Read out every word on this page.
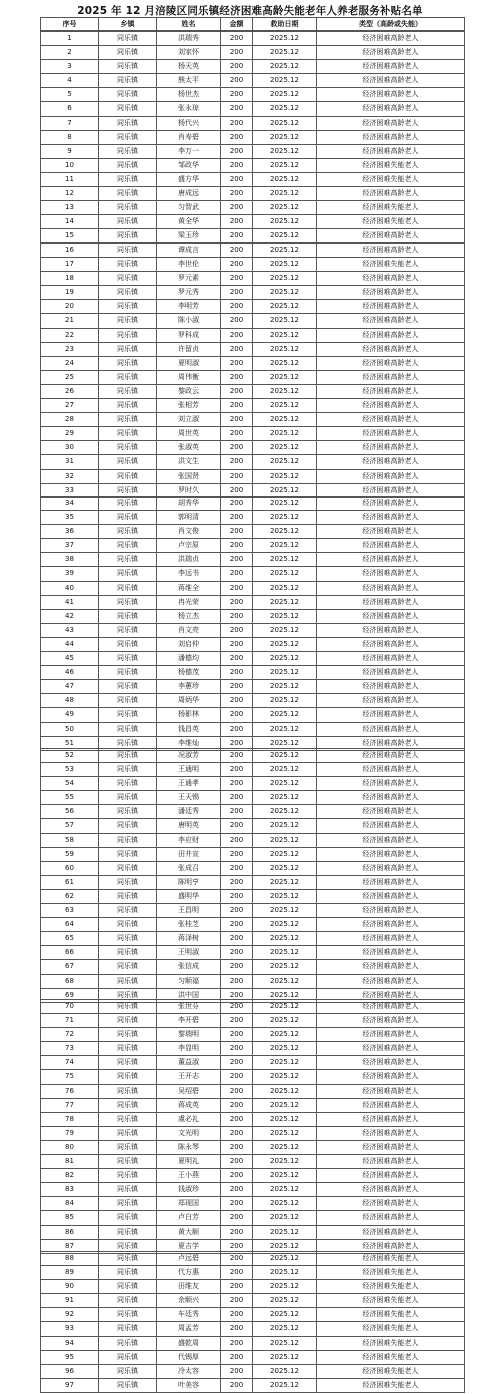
2025 年 12 月涪陵区同乐镇经济困难高龄失能老年人养老服务补贴名单
序号	乡镇	姓名	金额	救助日期	类型（高龄或失能）
1	同乐镇	洪瑞秀	200	2025.12	经济困难高龄老人
2	同乐镇	刘家怀	200	2025.12	经济困难高龄老人
3	同乐镇	杨天英	200	2025.12	经济困难高龄老人
4	同乐镇	熊太平	200	2025.12	经济困难高龄老人
5	同乐镇	杨世杰	200	2025.12	经济困难高龄老人
6	同乐镇	张永琼	200	2025.12	经济困难高龄老人
7	同乐镇	杨代兴	200	2025.12	经济困难高龄老人
8	同乐镇	肖寿碧	200	2025.12	经济困难高龄老人
9	同乐镇	李万一	200	2025.12	经济困难高龄老人
10	同乐镇	邹政华	200	2025.12	经济困难失能老人
11	同乐镇	盛方华	200	2025.12	经济困难失能老人
12	同乐镇	唐成远	200	2025.12	经济困难高龄老人
13	同乐镇	匀智武	200	2025.12	经济困难失能老人
14	同乐镇	黄全华	200	2025.12	经济困难失能老人
15	同乐镇	梁玉珍	200	2025.12	经济困难高龄老人
16	同乐镇	谭成言	200	2025.12	经济困难高龄老人
17	同乐镇	李世伦	200	2025.12	经济困难失能老人
18	同乐镇	罗元素	200	2025.12	经济困难高龄老人
19	同乐镇	罗元秀	200	2025.12	经济困难高龄老人
20	同乐镇	李明芳	200	2025.12	经济困难高龄老人
21	同乐镇	陈小淑	200	2025.12	经济困难高龄老人
22	同乐镇	罗科成	200	2025.12	经济困难高龄老人
23	同乐镇	许留贞	200	2025.12	经济困难高龄老人
24	同乐镇	夏明淑	200	2025.12	经济困难高龄老人
25	同乐镇	周伟衡	200	2025.12	经济困难高龄老人
26	同乐镇	黎政云	200	2025.12	经济困难高龄老人
27	同乐镇	张相芳	200	2025.12	经济困难高龄老人
28	同乐镇	刘立淑	200	2025.12	经济困难高龄老人
29	同乐镇	周世英	200	2025.12	经济困难高龄老人
30	同乐镇	张淑英	200	2025.12	经济困难高龄老人
31	同乐镇	洪文生	200	2025.12	经济困难高龄老人
32	同乐镇	张国贤	200	2025.12	经济困难高龄老人
33	同乐镇	罗时久	200	2025.12	经济困难高龄老人
34	同乐镇	胡秀华	200	2025.12	经济困难高龄老人
35	同乐镇	郭明清	200	2025.12	经济困难高龄老人
36	同乐镇	肖文俊	200	2025.12	经济困难高龄老人
37	同乐镇	卢宗原	200	2025.12	经济困难高龄老人
38	同乐镇	洪瑞贞	200	2025.12	经济困难高龄老人
39	同乐镇	李远书	200	2025.12	经济困难高龄老人
40	同乐镇	蒋维全	200	2025.12	经济困难高龄老人
41	同乐镇	冉光荣	200	2025.12	经济困难高龄老人
42	同乐镇	杨立杰	200	2025.12	经济困难高龄老人
43	同乐镇	肖文亮	200	2025.12	经济困难高龄老人
44	同乐镇	刘启仲	200	2025.12	经济困难高龄老人
45	同乐镇	潘德均	200	2025.12	经济困难高龄老人
46	同乐镇	杨德茂	200	2025.12	经济困难高龄老人
47	同乐镇	李蕙珍	200	2025.12	经济困难高龄老人
48	同乐镇	周炳华	200	2025.12	经济困难高龄老人
49	同乐镇	杨影林	200	2025.12	经济困难高龄老人
50	同乐镇	钱昌英	200	2025.12	经济困难高龄老人
51	同乐镇	李维灿	200	2025.12	经济困难高龄老人
52	同乐镇	况淑芳	200	2025.12	经济困难高龄老人
53	同乐镇	王通明	200	2025.12	经济困难高龄老人
54	同乐镇	王通孝	200	2025.12	经济困难高龄老人
55	同乐镇	王天锡	200	2025.12	经济困难高龄老人
56	同乐镇	潘廷秀	200	2025.12	经济困难高龄老人
57	同乐镇	唐明英	200	2025.12	经济困难高龄老人
58	同乐镇	李应财	200	2025.12	经济困难高龄老人
59	同乐镇	田井宣	200	2025.12	经济困难高龄老人
60	同乐镇	张成召	200	2025.12	经济困难高龄老人
61	同乐镇	陈明亨	200	2025.12	经济困难高龄老人
62	同乐镇	盛明华	200	2025.12	经济困难高龄老人
63	同乐镇	王昌明	200	2025.12	经济困难高龄老人
64	同乐镇	张桂芝	200	2025.12	经济困难高龄老人
65	同乐镇	蒋泽树	200	2025.12	经济困难高龄老人
66	同乐镇	王明淑	200	2025.12	经济困难高龄老人
67	同乐镇	张信成	200	2025.12	经济困难高龄老人
68	同乐镇	匀顺福	200	2025.12	经济困难高龄老人
69	同乐镇	洪中国	200	2025.12	经济困难高龄老人
70	同乐镇	张世芬	200	2025.12	经济困难高龄老人
71	同乐镇	李开碧	200	2025.12	经济困难高龄老人
72	同乐镇	黎瑞明	200	2025.12	经济困难高龄老人
73	同乐镇	李显明	200	2025.12	经济困难高龄老人
74	同乐镇	董益淑	200	2025.12	经济困难高龄老人
75	同乐镇	王开志	200	2025.12	经济困难高龄老人
76	同乐镇	吴绍碧	200	2025.12	经济困难高龄老人
77	同乐镇	蒋成英	200	2025.12	经济困难高龄老人
78	同乐镇	虞必礼	200	2025.12	经济困难高龄老人
79	同乐镇	文光明	200	2025.12	经济困难高龄老人
80	同乐镇	陈永琴	200	2025.12	经济困难高龄老人
81	同乐镇	夏明礼	200	2025.12	经济困难高龄老人
82	同乐镇	王小燕	200	2025.12	经济困难高龄老人
83	同乐镇	钱淑珍	200	2025.12	经济困难高龄老人
84	同乐镇	郑现国	200	2025.12	经济困难高龄老人
85	同乐镇	卢白芳	200	2025.12	经济困难高龄老人
86	同乐镇	黄大顺	200	2025.12	经济困难高龄老人
87	同乐镇	夏吉学	200	2025.12	经济困难高龄老人
88	同乐镇	卢远碧	200	2025.12	经济困难失能老人
89	同乐镇	代方惠	200	2025.12	经济困难失能老人
90	同乐镇	田维友	200	2025.12	经济困难失能老人
91	同乐镇	余顺兴	200	2025.12	经济困难失能老人
92	同乐镇	车廷秀	200	2025.12	经济困难失能老人
93	同乐镇	周孟芳	200	2025.12	经济困难失能老人
94	同乐镇	盛乾周	200	2025.12	经济困难失能老人
95	同乐镇	代锡厚	200	2025.12	经济困难失能老人
96	同乐镇	冷太容	200	2025.12	经济困难失能老人
97	同乐镇	叶美容	200	2025.12	经济困难失能老人
